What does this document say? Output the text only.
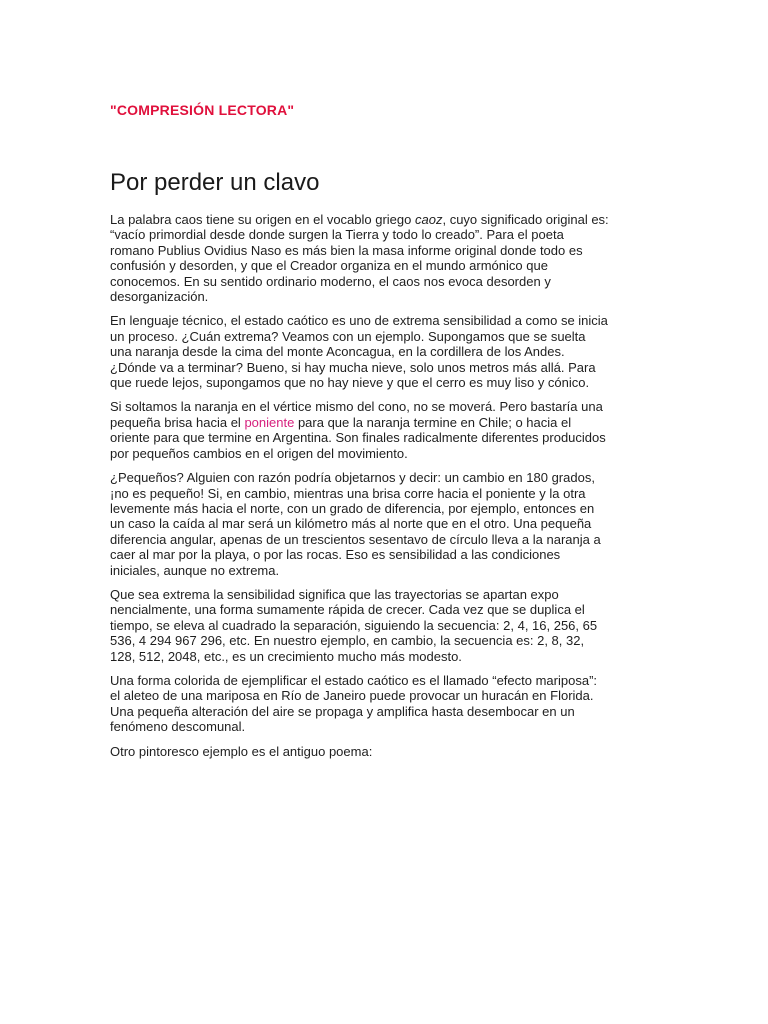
"COMPRESIÓN LECTORA"

Por perder un clavo

La palabra caos tiene su origen en el vocablo griego caoz, cuyo significado original es:
“vacío primordial desde donde surgen la Tierra y todo lo creado”. Para el poeta
romano Publius Ovidius Naso es más bien la masa informe original donde todo es
confusión y desorden, y que el Creador organiza en el mundo armónico que
conocemos. En su sentido ordinario moderno, el caos nos evoca desorden y
desorganización.

En lenguaje técnico, el estado caótico es uno de extrema sensibilidad a como se inicia
un proceso. ¿Cuán extrema? Veamos con un ejemplo. Supongamos que se suelta
una naranja desde la cima del monte Aconcagua, en la cordillera de los Andes.
¿Dónde va a terminar? Bueno, si hay mucha nieve, solo unos metros más allá. Para
que ruede lejos, supongamos que no hay nieve y que el cerro es muy liso y cónico.

Si soltamos la naranja en el vértice mismo del cono, no se moverá. Pero bastaría una
pequeña brisa hacia el poniente para que la naranja termine en Chile; o hacia el
oriente para que termine en Argentina. Son finales radicalmente diferentes producidos
por pequeños cambios en el origen del movimiento.

¿Pequeños? Alguien con razón podría objetarnos y decir: un cambio en 180 grados,
¡no es pequeño! Si, en cambio, mientras una brisa corre hacia el poniente y la otra
levemente más hacia el norte, con un grado de diferencia, por ejemplo, entonces en
un caso la caída al mar será un kilómetro más al norte que en el otro. Una pequeña
diferencia angular, apenas de un trescientos sesentavo de círculo lleva a la naranja a
caer al mar por la playa, o por las rocas. Eso es sensibilidad a las condiciones
iniciales, aunque no extrema.

Que sea extrema la sensibilidad significa que las trayectorias se apartan expo
nencialmente, una forma sumamente rápida de crecer. Cada vez que se duplica el
tiempo, se eleva al cuadrado la separación, siguiendo la secuencia: 2, 4, 16, 256, 65
536, 4 294 967 296, etc. En nuestro ejemplo, en cambio, la secuencia es: 2, 8, 32,
128, 512, 2048, etc., es un crecimiento mucho más modesto.

Una forma colorida de ejemplificar el estado caótico es el llamado “efecto mariposa”:
el aleteo de una mariposa en Río de Janeiro puede provocar un huracán en Florida.
Una pequeña alteración del aire se propaga y amplifica hasta desembocar en un
fenómeno descomunal.

Otro pintoresco ejemplo es el antiguo poema:
